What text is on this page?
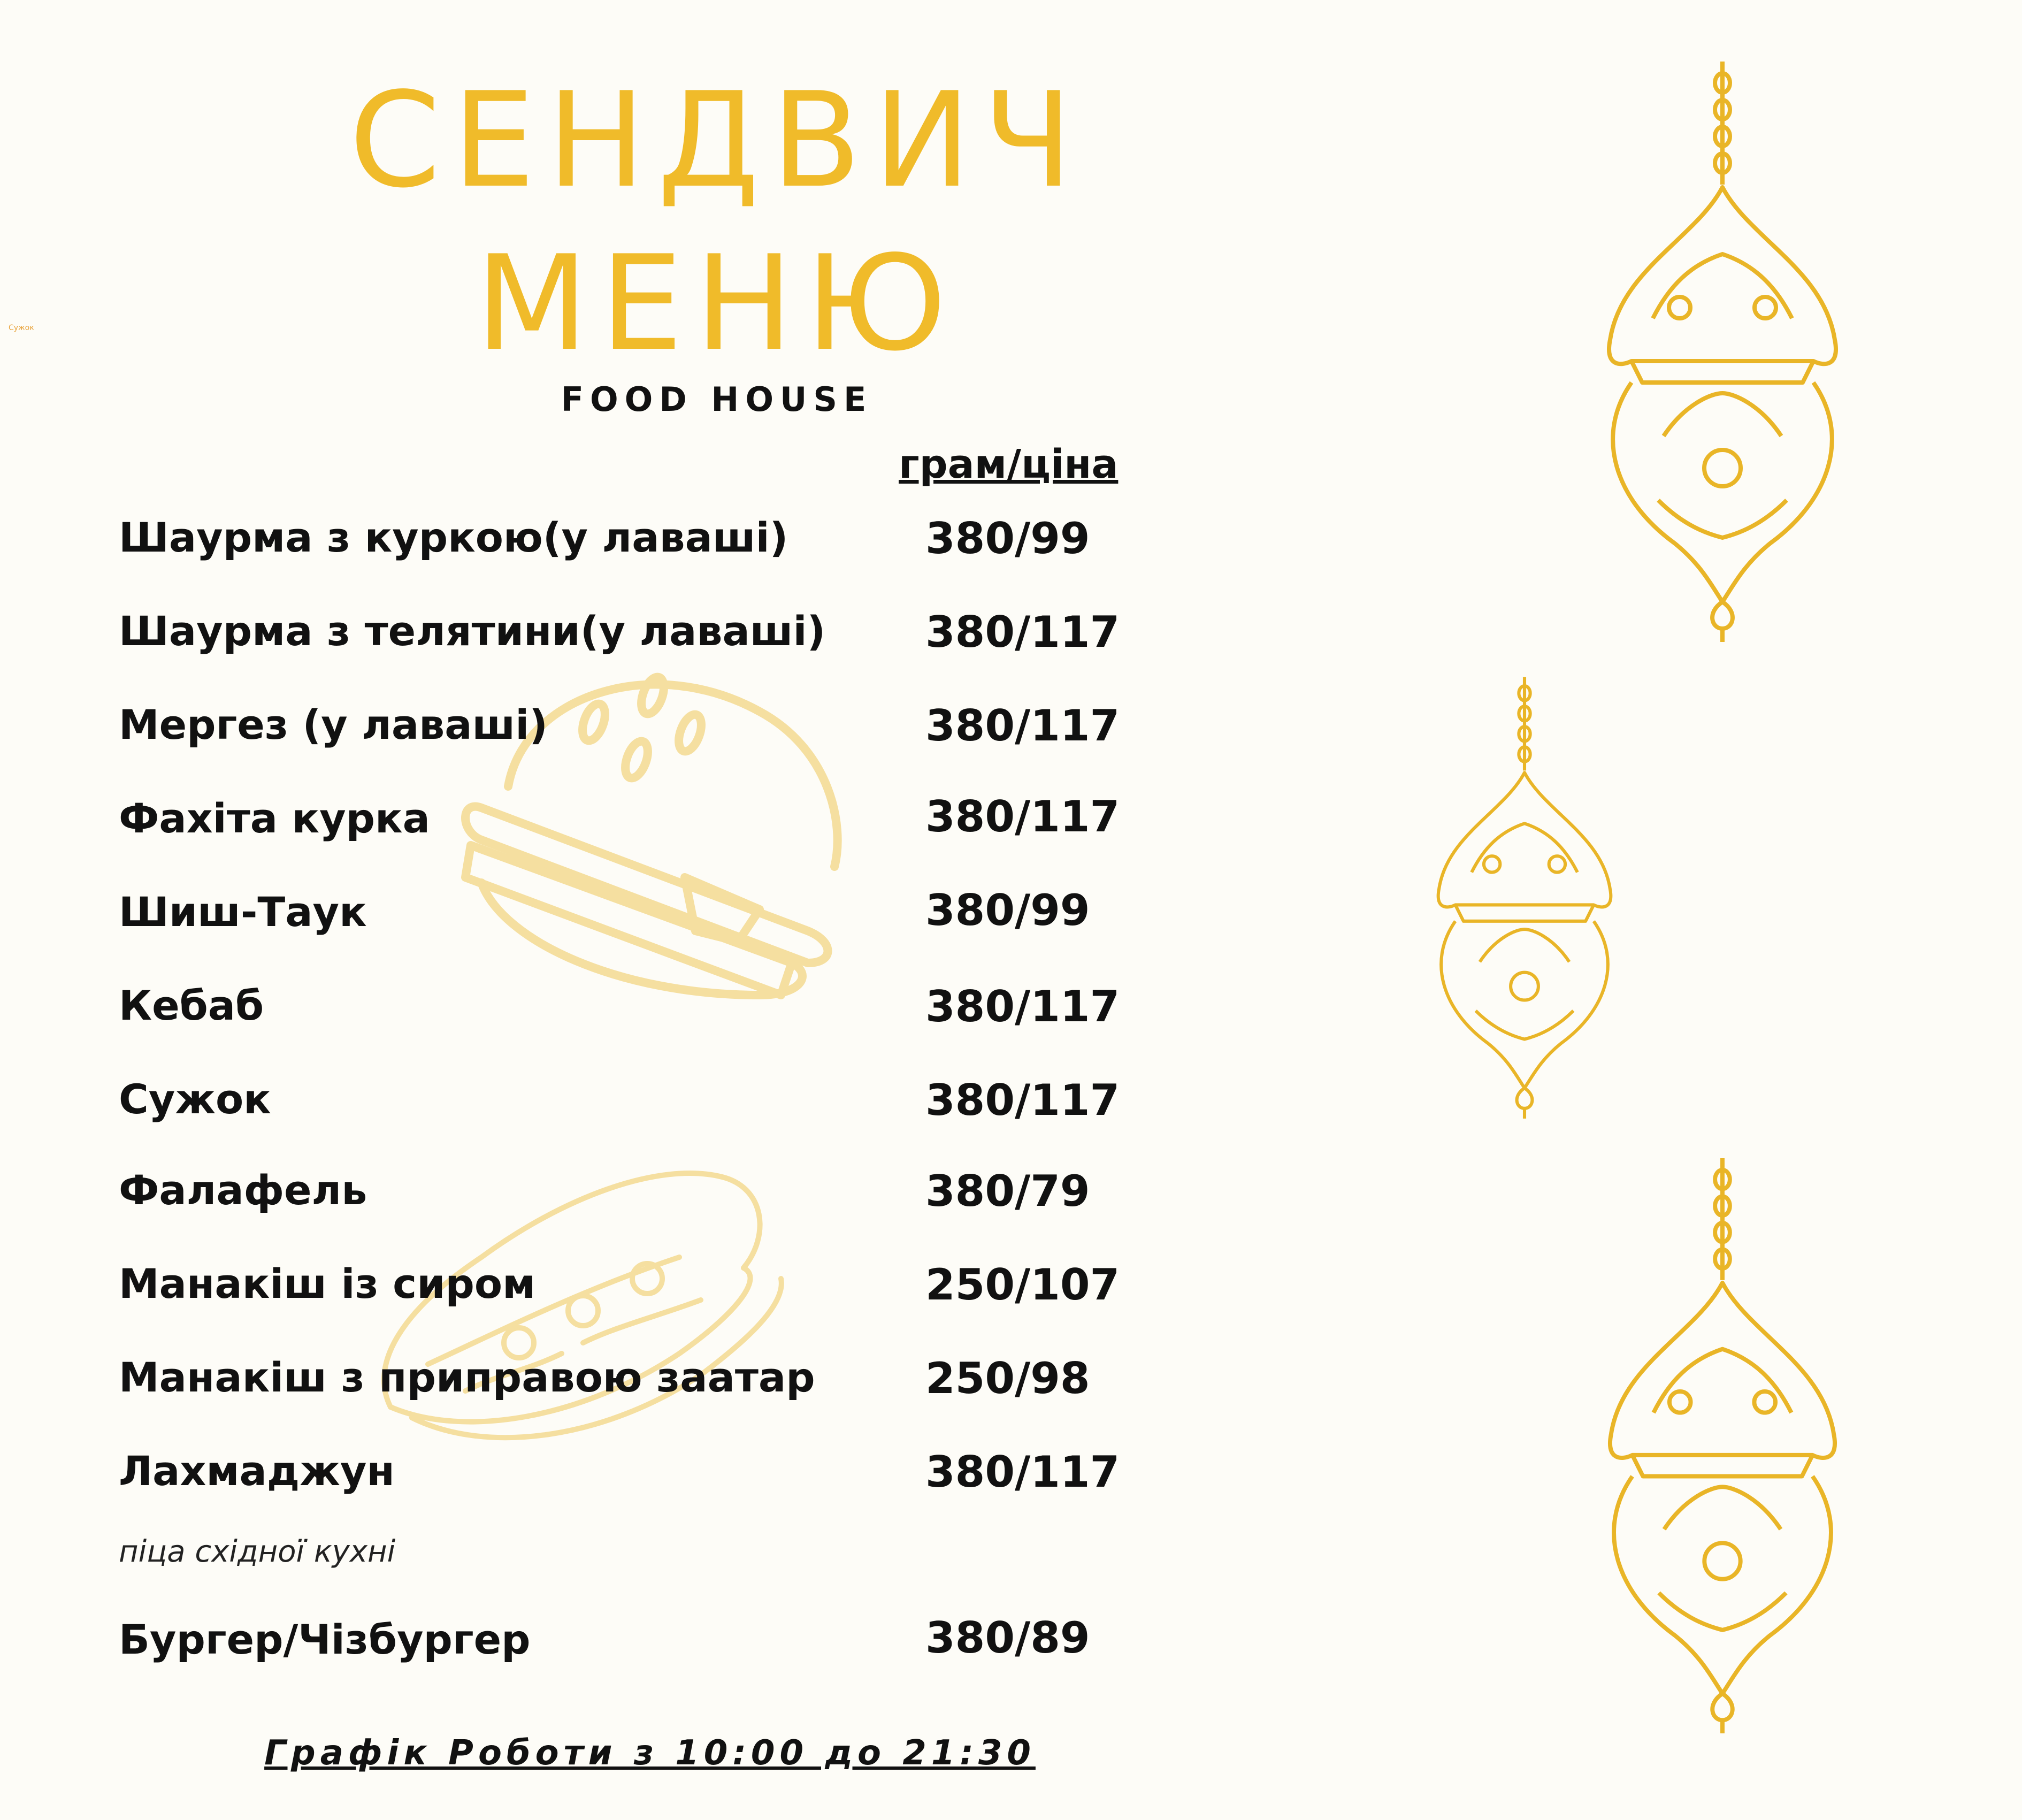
Сужок
СЕНДВИЧ
МЕНЮ
FOOD HOUSE
грам/ціна
Шаурма з куркою(у лаваші)	380/99
Шаурма з телятини(у лаваші) 380/117
Мергез (у лаваші)	380/117
Фахіта курка	380/117
Шиш-Таук	380/99
Кебаб	380/117
Сужок	380/117
Фалафель	380/79
Манакіш із сиром	250/107
Манакіш з приправою заатар	250/98
Лахмаджун	380/117
піца східної кухні
Бургер/Чізбургер	380/89
Графік Роботи з 10:00 до 21:30
